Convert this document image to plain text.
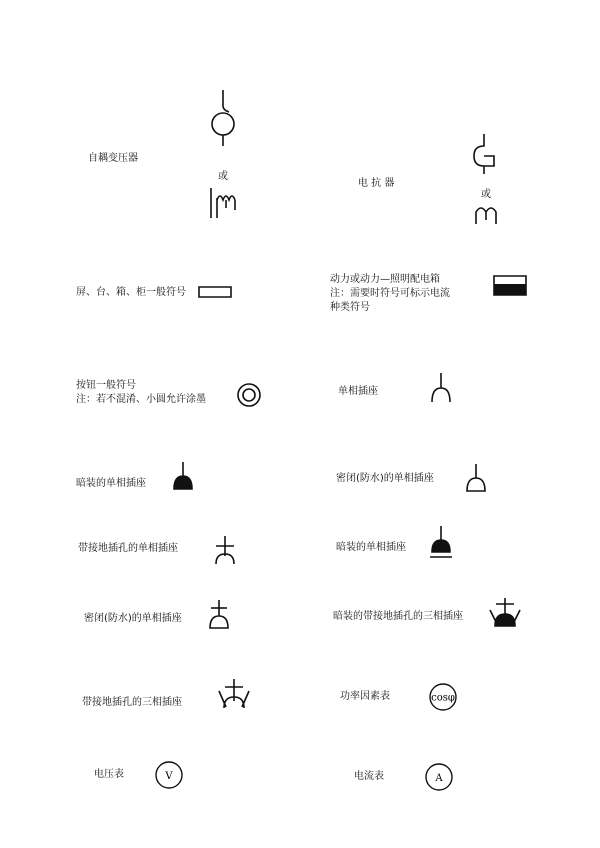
自耦变压器
或
电 抗 器
或
屏、台、箱、柜一般符号
动力或动力—照明配电箱
注：需要时符号可标示电流
种类符号
按钮一般符号
注：若不混淆、小圆允许涂墨
单相插座
暗装的单相插座	密闭(防水)的单相插座
带接地插孔的单相插座	暗装的单相插座
密闭(防水)的单相插座	暗装的带接地插孔的三相插座
带接地插孔的三相插座
功率因素表	cosφ
电压表	V	电流表	A
